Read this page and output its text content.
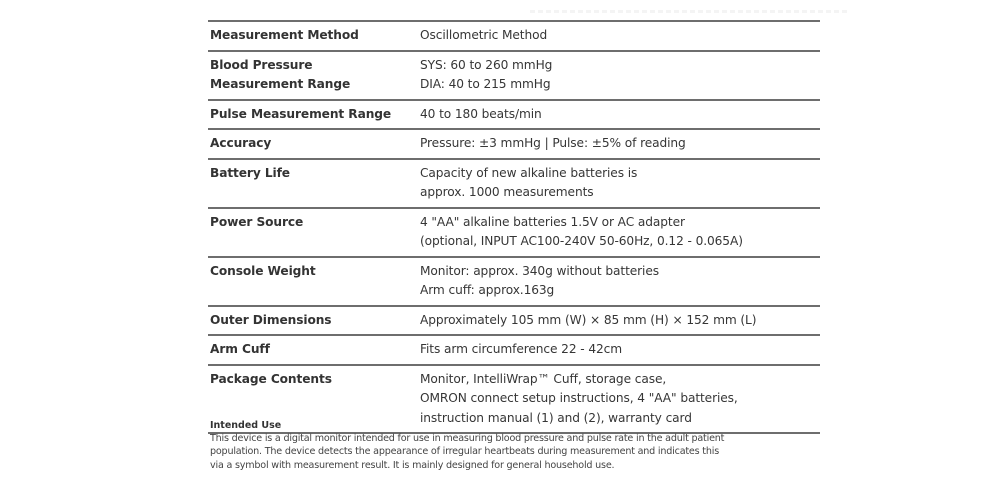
Measurement Method	Oscillometric Method

Blood Pressure
Measurement Range	SYS: 60 to 260 mmHg
DIA: 40 to 215 mmHg

Pulse Measurement Range	40 to 180 beats/min

Accuracy	Pressure: ±3 mmHg | Pulse: ±5% of reading

Battery Life	Capacity of new alkaline batteries is
approx. 1000 measurements

Power Source	4 "AA" alkaline batteries 1.5V or AC adapter
(optional, INPUT AC100-240V 50-60Hz, 0.12 - 0.065A)

Console Weight	Monitor: approx. 340g without batteries
Arm cuff: approx.163g

Outer Dimensions	Approximately 105 mm (W) × 85 mm (H) × 152 mm (L)

Arm Cuff	Fits arm circumference 22 - 42cm

Package Contents	Monitor, IntelliWrap™ Cuff, storage case,
OMRON connect setup instructions, 4 "AA" batteries,
instruction manual (1) and (2), warranty card
Intended Use
This device is a digital monitor intended for use in measuring blood pressure and pulse rate in the adult patient
population. The device detects the appearance of irregular heartbeats during measurement and indicates this
via a symbol with measurement result. It is mainly designed for general household use.
